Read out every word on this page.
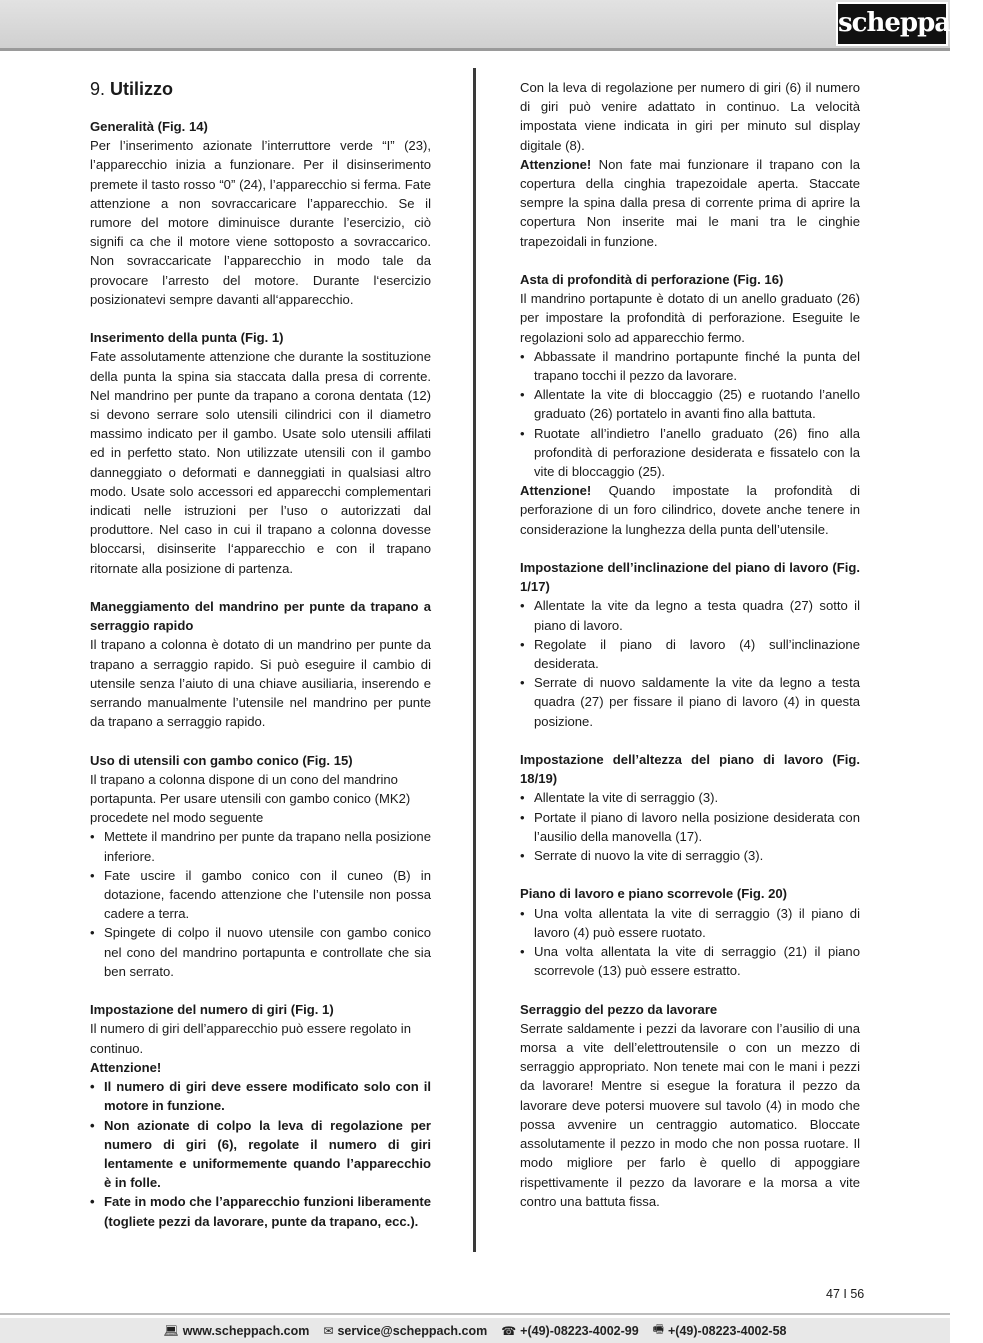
scheppach
9. Utilizzo

Generalità (Fig. 14)

Per l’inserimento azionate l’interruttore verde “I” (23), l’apparecchio inizia a funzionare. Per il disinserimento premete il tasto rosso “0” (24), l’apparecchio si ferma. Fate attenzione a non sovraccaricare l’apparecchio. Se il rumore del motore diminuisce durante l’esercizio, ciò signifi ca che il motore viene sottoposto a sovraccarico. Non sovraccaricate l’apparecchio in modo tale da provocare l’arresto del motore. Durante l‘esercizio posizionatevi sempre davanti all‘apparecchio.

Inserimento della punta (Fig. 1)

Fate assolutamente attenzione che durante la sostituzione della punta la spina sia staccata dalla presa di corrente. Nel mandrino per punte da trapano a corona dentata (12) si devono serrare solo utensili cilindrici con il diametro massimo indicato per il gambo. Usate solo utensili affilati ed in perfetto stato. Non utilizzate utensili con il gambo danneggiato o deformati e danneggiati in qualsiasi altro modo. Usate solo accessori ed apparecchi complementari indicati nelle istruzioni per l’uso o autorizzati dal produttore. Nel caso in cui il trapano a colonna dovesse bloccarsi, disinserite l‘apparecchio e con il trapano ritornate alla posizione di partenza.

Maneggiamento del mandrino per punte da trapano a serraggio rapido

Il trapano a colonna è dotato di un mandrino per punte da trapano a serraggio rapido. Si può eseguire il cambio di utensile senza l’aiuto di una chiave ausiliaria, inserendo e serrando manualmente l’utensile nel mandrino per punte da trapano a serraggio rapido.

Uso di utensili con gambo conico (Fig. 15)

Il trapano a colonna dispone di un cono del mandrino portapunta. Per usare utensili con gambo conico (MK2) procedete nel modo seguente

• Mettete il mandrino per punte da trapano nella posizione inferiore.
• Fate uscire il gambo conico con il cuneo (B) in dotazione, facendo attenzione che l’utensile non possa cadere a terra.
• Spingete di colpo il nuovo utensile con gambo conico nel cono del mandrino portapunta e controllate che sia ben serrato.

Impostazione del numero di giri (Fig. 1)

Il numero di giri dell’apparecchio può essere regolato in continuo.

Attenzione!

• Il numero di giri deve essere modificato solo con il motore in funzione.
• Non azionate di colpo la leva di regolazione per numero di giri (6), regolate il numero di giri lentamente e uniformemente quando l’apparecchio è in folle.
• Fate in modo che l’apparecchio funzioni liberamente (togliete pezzi da lavorare, punte da trapano, ecc.).

Con la leva di regolazione per numero di giri (6) il numero di giri può venire adattato in continuo. La velocità impostata viene indicata in giri per minuto sul display digitale (8).

Attenzione! Non fate mai funzionare il trapano con la copertura della cinghia trapezoidale aperta. Staccate sempre la spina dalla presa di corrente prima di aprire la copertura Non inserite mai le mani tra le cinghie trapezoidali in funzione.

Asta di profondità di perforazione (Fig. 16)

Il mandrino portapunte è dotato di un anello graduato (26) per impostare la profondità di perforazione. Eseguite le regolazioni solo ad apparecchio fermo.

• Abbassate il mandrino portapunte finché la punta del trapano tocchi il pezzo da lavorare.
• Allentate la vite di bloccaggio (25) e ruotando l’anello graduato (26) portatelo in avanti fino alla battuta.
• Ruotate all’indietro l’anello graduato (26) fino alla profondità di perforazione desiderata e fissatelo con la vite di bloccaggio (25).

Attenzione! Quando impostate la profondità di perforazione di un foro cilindrico, dovete anche tenere in considerazione la lunghezza della punta dell’utensile.

Impostazione dell’inclinazione del piano di lavoro (Fig. 1/17)

• Allentate la vite da legno a testa quadra (27) sotto il piano di lavoro.
• Regolate il piano di lavoro (4) sull’inclinazione desiderata.
• Serrate di nuovo saldamente la vite da legno a testa quadra (27) per fissare il piano di lavoro (4) in questa posizione.

Impostazione dell’altezza del piano di lavoro (Fig. 18/19)

• Allentate la vite di serraggio (3).
• Portate il piano di lavoro nella posizione desiderata con l’ausilio della manovella (17).
• Serrate di nuovo la vite di serraggio (3).

Piano di lavoro e piano scorrevole (Fig. 20)

• Una volta allentata la vite di serraggio (3) il piano di lavoro (4) può essere ruotato.
• Una volta allentata la vite di serraggio (21) il piano scorrevole (13) può essere estratto.

Serraggio del pezzo da lavorare

Serrate saldamente i pezzi da lavorare con l’ausilio di una morsa a vite dell’elettroutensile o con un mezzo di serraggio appropriato. Non tenete mai con le mani i pezzi da lavorare! Mentre si esegue la foratura il pezzo da lavorare deve potersi muovere sul tavolo (4) in modo che possa avvenire un centraggio automatico. Bloccate assolutamente il pezzo in modo che non possa ruotare. Il modo migliore per farlo è quello di appoggiare rispettivamente il pezzo da lavorare e la morsa a vite contro una battuta fissa.

47 I 56
💻︎ www.scheppach.com ✉︎ service@scheppach.com ☎︎ +(49)-08223-4002-99 🖷︎ +(49)-08223-4002-58
